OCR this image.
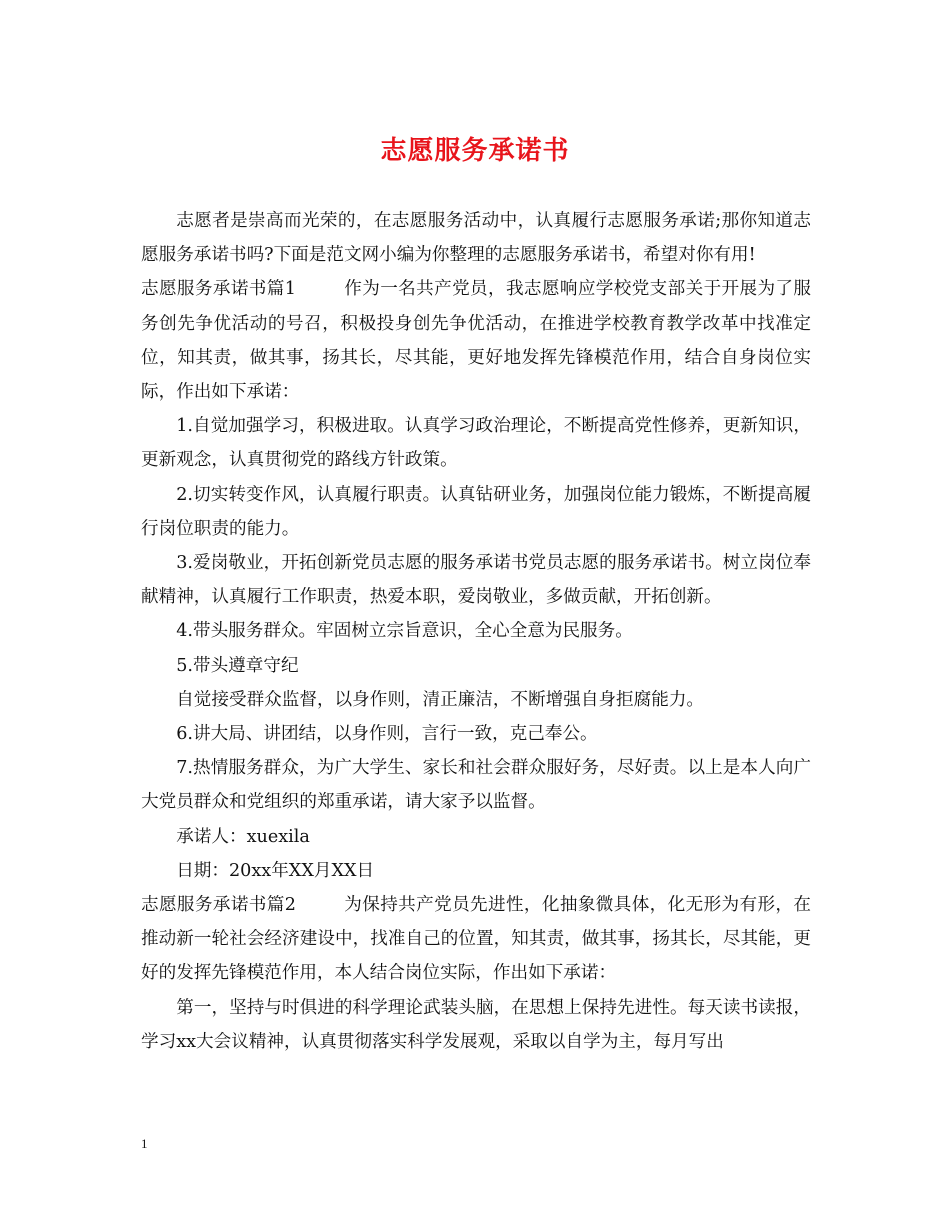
志愿服务承诺书

志愿者是崇高而光荣的，在志愿服务活动中，认真履行志愿服务承诺;那你知道志愿服务承诺书吗?下面是范文网小编为你整理的志愿服务承诺书，希望对你有用!

志愿服务承诺书篇1	作为一名共产党员，我志愿响应学校党支部关于开展为了服务创先争优活动的号召，积极投身创先争优活动，在推进学校教育教学改革中找准定位，知其责，做其事，扬其长，尽其能，更好地发挥先锋模范作用，结合自身岗位实际，作出如下承诺：

1.自觉加强学习，积极进取。认真学习政治理论，不断提高党性修养，更新知识，更新观念，认真贯彻党的路线方针政策。

2.切实转变作风，认真履行职责。认真钻研业务，加强岗位能力锻炼，不断提高履行岗位职责的能力。

3.爱岗敬业，开拓创新党员志愿的服务承诺书党员志愿的服务承诺书。树立岗位奉献精神，认真履行工作职责，热爱本职，爱岗敬业，多做贡献，开拓创新。

4.带头服务群众。牢固树立宗旨意识，全心全意为民服务。

5.带头遵章守纪

自觉接受群众监督，以身作则，清正廉洁，不断增强自身拒腐能力。

6.讲大局、讲团结，以身作则，言行一致，克己奉公。

7.热情服务群众，为广大学生、家长和社会群众服好务，尽好责。以上是本人向广大党员群众和党组织的郑重承诺，请大家予以监督。

承诺人：xuexila

日期：20xx年XX月XX日

志愿服务承诺书篇2	为保持共产党员先进性，化抽象微具体，化无形为有形，在推动新一轮社会经济建设中，找准自己的位置，知其责，做其事，扬其长，尽其能，更好的发挥先锋模范作用，本人结合岗位实际，作出如下承诺：

第一，坚持与时俱进的科学理论武装头脑，在思想上保持先进性。每天读书读报，学习xx大会议精神，认真贯彻落实科学发展观，采取以自学为主，每月写出

1
